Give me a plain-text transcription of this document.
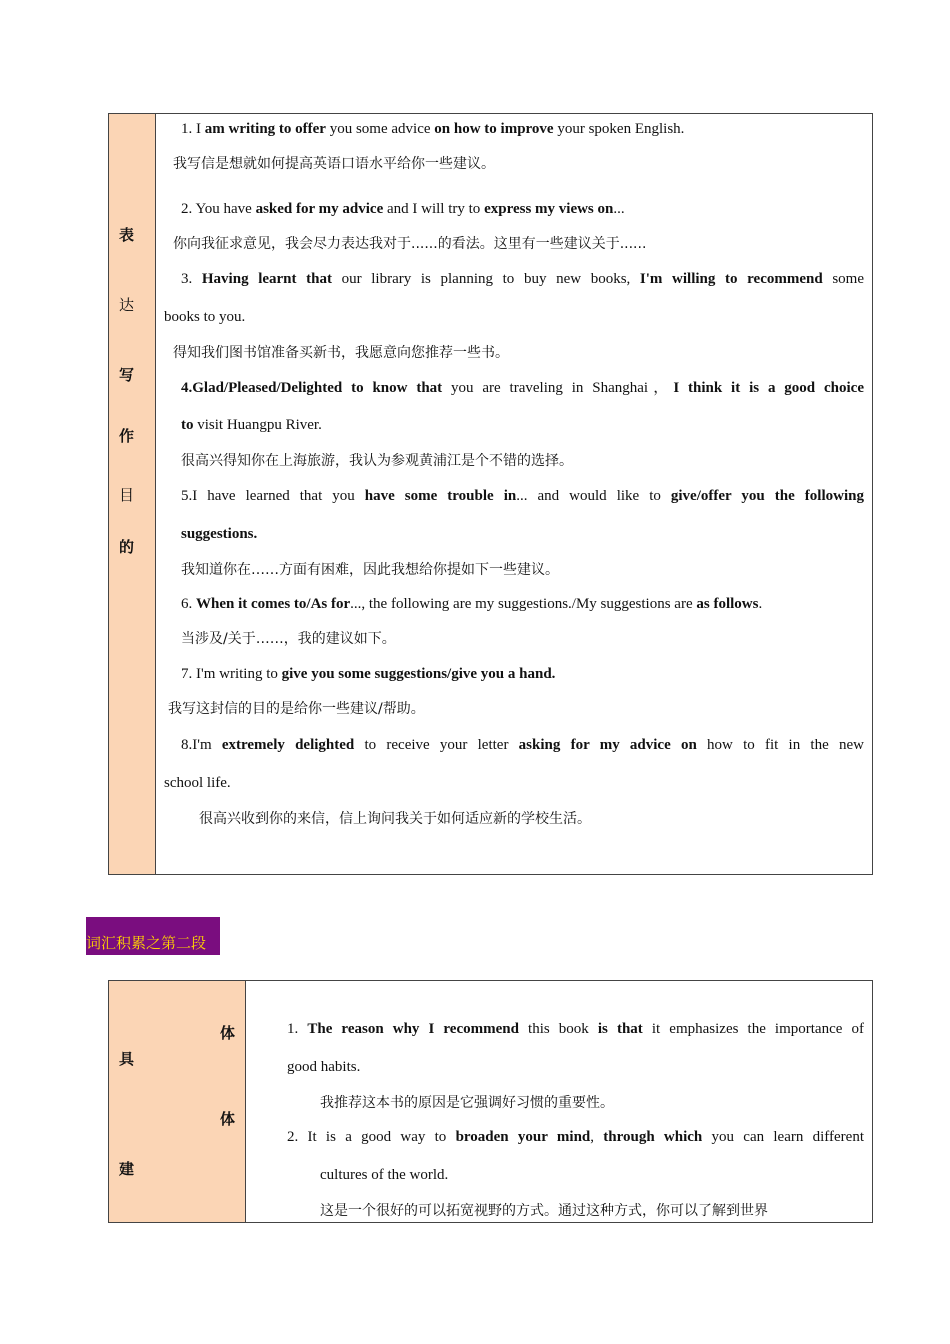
表
达
写
作
目
的

1. I am writing to offer you some advice on how to improve your spoken English.

我写信是想就如何提高英语口语水平给你一些建议。

2. You have asked for my advice and I will try to express my views on...

你向我征求意见，我会尽力表达我对于......的看法。这里有一些建议关于......

3. Having learnt that our library is planning to buy new books, I'm willing to recommend some

books to you.

得知我们图书馆准备买新书，我愿意向您推荐一些书。

4.Glad/Pleased/Delighted to know that you are traveling in Shanghai，I think it is a good choice

to visit Huangpu River.

很高兴得知你在上海旅游，我认为参观黄浦江是个不错的选择。

5.I have learned that you have some trouble in... and would like to give/offer you the following

suggestions.

我知道你在……方面有困难，因此我想给你提如下一些建议。

6. When it comes to/As for..., the following are my suggestions./My suggestions are as follows.

当涉及/关于……，我的建议如下。

7. I'm writing to give you some suggestions/give you a hand.

我写这封信的目的是给你一些建议/帮助。

8.I'm extremely delighted to receive your letter asking for my advice on how to fit in the new

school life.

很高兴收到你的来信，信上询问我关于如何适应新的学校生活。

词汇积累之第二段
体
具
体
建

1. The reason why I recommend this book is that it emphasizes the importance of

good habits.

我推荐这本书的原因是它强调好习惯的重要性。

2. It is a good way to broaden your mind, through which you can learn different

cultures of the world.

这是一个很好的可以拓宽视野的方式。通过这种方式，你可以了解到世界
